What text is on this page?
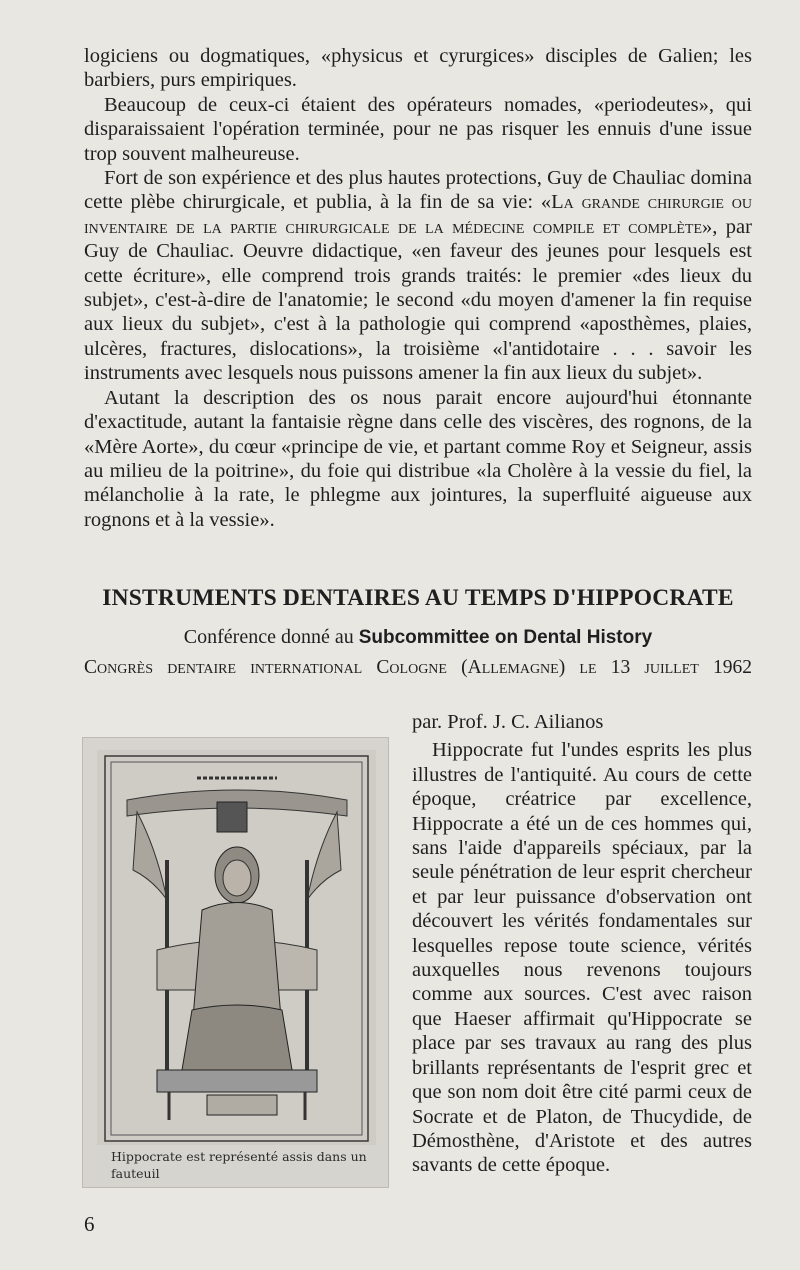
logiciens ou dogmatiques, «physicus et cyrurgices» disciples de Galien; les barbiers, purs empiriques.

Beaucoup de ceux-ci étaient des opérateurs nomades, «periodeutes», qui disparaissaient l'opération terminée, pour ne pas risquer les ennuis d'une issue trop souvent malheureuse.

Fort de son expérience et des plus hautes protections, Guy de Chauliac domina cette plèbe chirurgicale, et publia, à la fin de sa vie: «La grande chirurgie ou inventaire de la partie chirurgicale de la médecine compile et complète», par Guy de Chauliac. Oeuvre didactique, «en faveur des jeunes pour lesquels est cette écriture», elle comprend trois grands traités: le premier «des lieux du subjet», c'est-à-dire de l'anatomie; le second «du moyen d'amener la fin requise aux lieux du subjet», c'est à la pathologie qui comprend «aposthèmes, plaies, ulcères, fractures, dislocations», la troisième «l'antidotaire . . . savoir les instruments avec lesquels nous puissons amener la fin aux lieux du subjet».

Autant la description des os nous parait encore aujourd'hui étonnante d'exactitude, autant la fantaisie règne dans celle des viscères, des rognons, de la «Mère Aorte», du cœur «principe de vie, et partant comme Roy et Seigneur, assis au milieu de la poitrine», du foie qui distribue «la Cholère à la vessie du fiel, la mélancholie à la rate, le phlegme aux jointures, la superfluité aigueuse aux rognons et à la vessie».

INSTRUMENTS DENTAIRES AU TEMPS D'HIPPOCRATE

Conférence donné au Subcommittee on Dental History

Congrès dentaire international Cologne (Allemagne) le 13 juillet 1962

Hippocrate est représenté assis dans un fauteuil

par. Prof. J. C. Ailianos

Hippocrate fut l'undes esprits les plus illustres de l'antiquité. Au cours de cette époque, créatrice par excellence, Hippocrate a été un de ces hommes qui, sans l'aide d'appareils spéciaux, par la seule pénétration de leur esprit chercheur et par leur puissance d'observation ont découvert les vérités fondamentales sur lesquelles repose toute science, vérités auxquelles nous revenons toujours comme aux sources. C'est avec raison que Haeser affirmait qu'Hippocrate se place par ses travaux au rang des plus brillants représentants de l'esprit grec et que son nom doit être cité parmi ceux de Socrate et de Platon, de Thucydide, de Démosthène, d'Aristote et des autres savants de cette époque.

6
